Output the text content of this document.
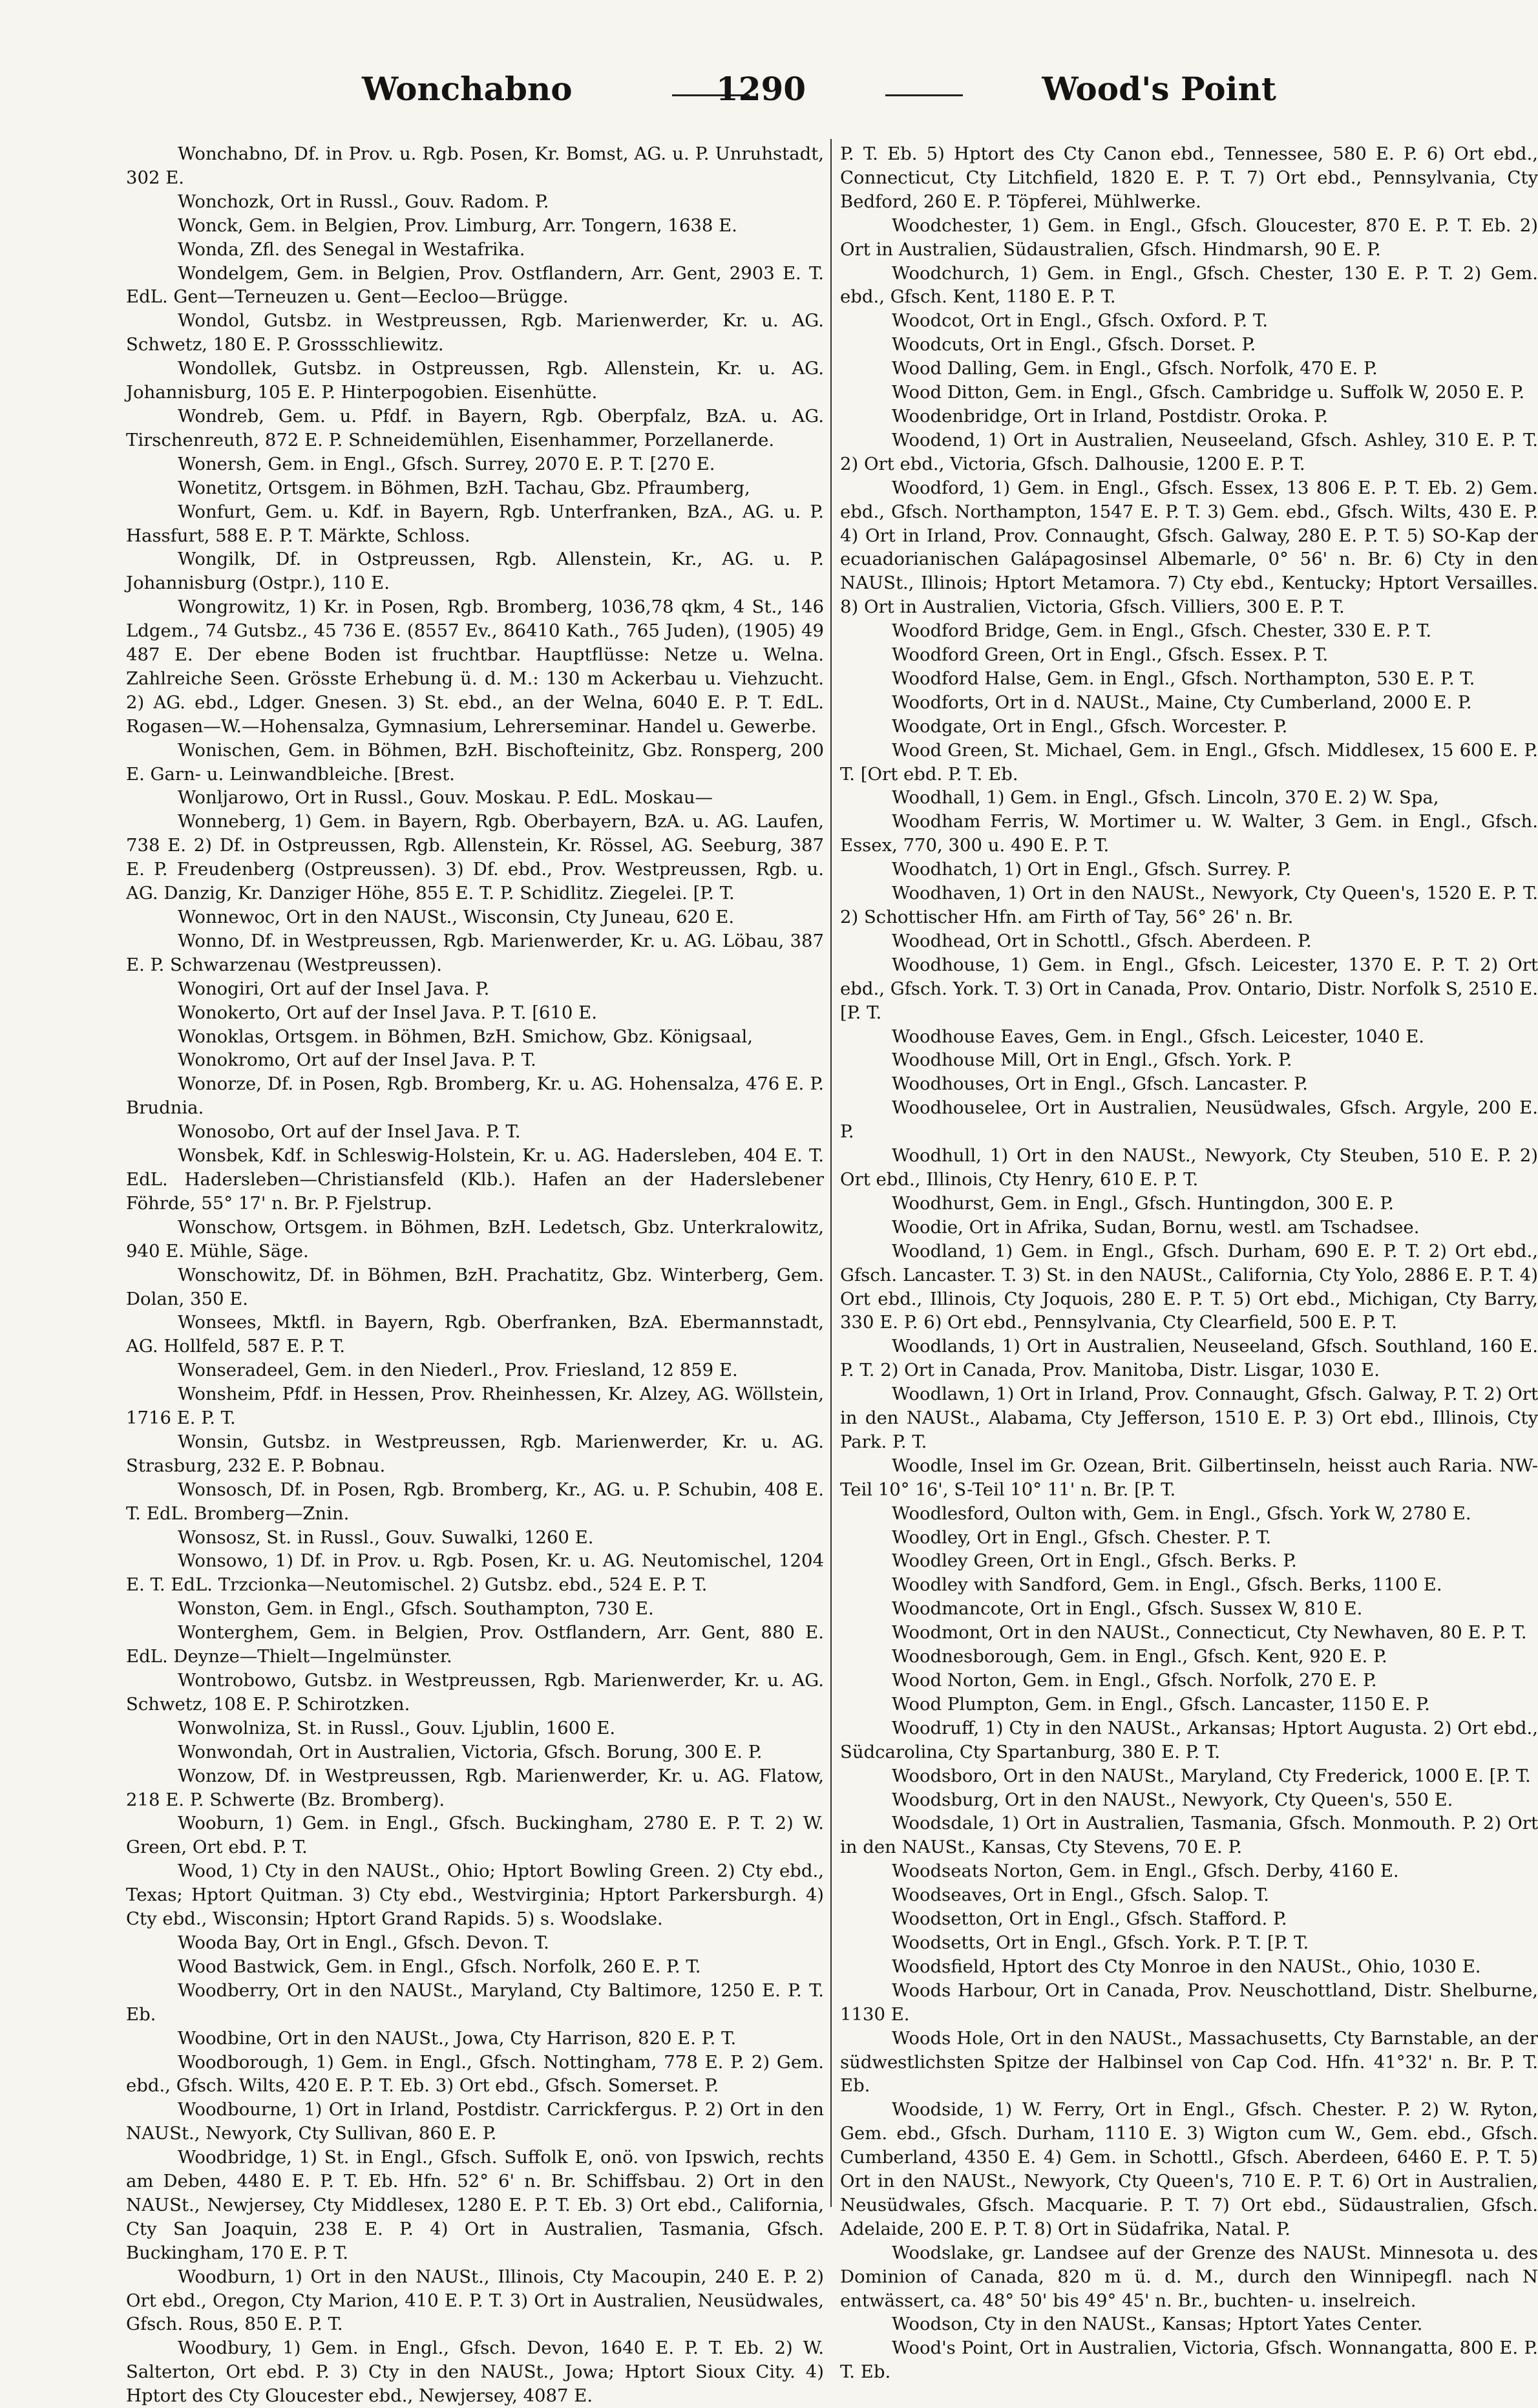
Wonchabno	1290	Wood's Point

Wonchabno, Df. in Prov. u. Rgb. Posen, Kr. Bomst, AG. u. P. Unruhstadt, 302 E.

Wonchozk, Ort in Russl., Gouv. Radom. P.

Wonck, Gem. in Belgien, Prov. Limburg, Arr. Tongern, 1638 E.

Wonda, Zfl. des Senegal in Westafrika.

Wondelgem, Gem. in Belgien, Prov. Ostflandern, Arr. Gent, 2903 E. T. EdL. Gent—Terneuzen u. Gent—Eecloo—Brügge.

Wondol, Gutsbz. in Westpreussen, Rgb. Marienwerder, Kr. u. AG. Schwetz, 180 E. P. Grossschliewitz.

Wondollek, Gutsbz. in Ostpreussen, Rgb. Allenstein, Kr. u. AG. Johannisburg, 105 E. P. Hinterpogobien. Eisenhütte.

Wondreb, Gem. u. Pfdf. in Bayern, Rgb. Oberpfalz, BzA. u. AG. Tirschenreuth, 872 E. P. Schneidemühlen, Eisenhammer, Porzellanerde.

Wonersh, Gem. in Engl., Gfsch. Surrey, 2070 E. P. T. [270 E.

Wonetitz, Ortsgem. in Böhmen, BzH. Tachau, Gbz. Pfraumberg,

Wonfurt, Gem. u. Kdf. in Bayern, Rgb. Unterfranken, BzA., AG. u. P. Hassfurt, 588 E. P. T. Märkte, Schloss.

Wongilk, Df. in Ostpreussen, Rgb. Allenstein, Kr., AG. u. P. Johannisburg (Ostpr.), 110 E.

Wongrowitz, 1) Kr. in Posen, Rgb. Bromberg, 1036,78 qkm, 4 St., 146 Ldgem., 74 Gutsbz., 45 736 E. (8557 Ev., 86410 Kath., 765 Juden), (1905) 49 487 E. Der ebene Boden ist fruchtbar. Hauptflüsse: Netze u. Welna. Zahlreiche Seen. Grösste Erhebung ü. d. M.: 130 m Ackerbau u. Viehzucht. 2) AG. ebd., Ldger. Gnesen. 3) St. ebd., an der Welna, 6040 E. P. T. EdL. Rogasen—W.—Hohensalza, Gymnasium, Lehrerseminar. Handel u. Gewerbe.

Wonischen, Gem. in Böhmen, BzH. Bischofteinitz, Gbz. Ronsperg, 200 E. Garn- u. Leinwandbleiche. [Brest.

Wonljarowo, Ort in Russl., Gouv. Moskau. P. EdL. Moskau—

Wonneberg, 1) Gem. in Bayern, Rgb. Oberbayern, BzA. u. AG. Laufen, 738 E. 2) Df. in Ostpreussen, Rgb. Allenstein, Kr. Rössel, AG. Seeburg, 387 E. P. Freudenberg (Ostpreussen). 3) Df. ebd., Prov. Westpreussen, Rgb. u. AG. Danzig, Kr. Danziger Höhe, 855 E. T. P. Schidlitz. Ziegelei. [P. T.

Wonnewoc, Ort in den NAUSt., Wisconsin, Cty Juneau, 620 E.

Wonno, Df. in Westpreussen, Rgb. Marienwerder, Kr. u. AG. Löbau, 387 E. P. Schwarzenau (Westpreussen).

Wonogiri, Ort auf der Insel Java. P.

Wonokerto, Ort auf der Insel Java. P. T. [610 E.

Wonoklas, Ortsgem. in Böhmen, BzH. Smichow, Gbz. Königsaal,

Wonokromo, Ort auf der Insel Java. P. T.

Wonorze, Df. in Posen, Rgb. Bromberg, Kr. u. AG. Hohensalza, 476 E. P. Brudnia.

Wonosobo, Ort auf der Insel Java. P. T.

Wonsbek, Kdf. in Schleswig-Holstein, Kr. u. AG. Hadersleben, 404 E. T. EdL. Hadersleben—Christiansfeld (Klb.). Hafen an der Haderslebener Föhrde, 55° 17' n. Br. P. Fjelstrup.

Wonschow, Ortsgem. in Böhmen, BzH. Ledetsch, Gbz. Unterkralowitz, 940 E. Mühle, Säge.

Wonschowitz, Df. in Böhmen, BzH. Prachatitz, Gbz. Winterberg, Gem. Dolan, 350 E.

Wonsees, Mktfl. in Bayern, Rgb. Oberfranken, BzA. Ebermannstadt, AG. Hollfeld, 587 E. P. T.

Wonseradeel, Gem. in den Niederl., Prov. Friesland, 12 859 E.

Wonsheim, Pfdf. in Hessen, Prov. Rheinhessen, Kr. Alzey, AG. Wöllstein, 1716 E. P. T.

Wonsin, Gutsbz. in Westpreussen, Rgb. Marienwerder, Kr. u. AG. Strasburg, 232 E. P. Bobnau.

Wonsosch, Df. in Posen, Rgb. Bromberg, Kr., AG. u. P. Schubin, 408 E. T. EdL. Bromberg—Znin.

Wonsosz, St. in Russl., Gouv. Suwalki, 1260 E.

Wonsowo, 1) Df. in Prov. u. Rgb. Posen, Kr. u. AG. Neutomischel, 1204 E. T. EdL. Trzcionka—Neutomischel. 2) Gutsbz. ebd., 524 E. P. T.

Wonston, Gem. in Engl., Gfsch. Southampton, 730 E.

Wonterghem, Gem. in Belgien, Prov. Ostflandern, Arr. Gent, 880 E. EdL. Deynze—Thielt—Ingelmünster.

Wontrobowo, Gutsbz. in Westpreussen, Rgb. Marienwerder, Kr. u. AG. Schwetz, 108 E. P. Schirotzken.

Wonwolnizа, St. in Russl., Gouv. Ljublin, 1600 E.

Wonwondah, Ort in Australien, Victoria, Gfsch. Borung, 300 E. P.

Wonzow, Df. in Westpreussen, Rgb. Marienwerder, Kr. u. AG. Flatow, 218 E. P. Schwerte (Bz. Bromberg).

Wooburn, 1) Gem. in Engl., Gfsch. Buckingham, 2780 E. P. T. 2) W. Green, Ort ebd. P. T.

Wood, 1) Cty in den NAUSt., Ohio; Hptort Bowling Green. 2) Cty ebd., Texas; Hptort Quitman. 3) Cty ebd., Westvirginia; Hptort Parkersburgh. 4) Cty ebd., Wisconsin; Hptort Grand Rapids. 5) s. Woodslake.

Wooda Bay, Ort in Engl., Gfsch. Devon. T.

Wood Bastwick, Gem. in Engl., Gfsch. Norfolk, 260 E. P. T.

Woodberry, Ort in den NAUSt., Maryland, Cty Baltimore, 1250 E. P. T. Eb.

Woodbine, Ort in den NAUSt., Jowa, Cty Harrison, 820 E. P. T.

Woodborough, 1) Gem. in Engl., Gfsch. Nottingham, 778 E. P. 2) Gem. ebd., Gfsch. Wilts, 420 E. P. T. Eb. 3) Ort ebd., Gfsch. Somerset. P.

Woodbourne, 1) Ort in Irland, Postdistr. Carrickfergus. P. 2) Ort in den NAUSt., Newyork, Cty Sullivan, 860 E. P.

Woodbridge, 1) St. in Engl., Gfsch. Suffolk E, onö. von Ipswich, rechts am Deben, 4480 E. P. T. Eb. Hfn. 52° 6' n. Br. Schiffsbau. 2) Ort in den NAUSt., Newjersey, Cty Middlesex, 1280 E. P. T. Eb. 3) Ort ebd., California, Cty San Joaquin, 238 E. P. 4) Ort in Australien, Tasmania, Gfsch. Buckingham, 170 E. P. T.

Woodburn, 1) Ort in den NAUSt., Illinois, Cty Macoupin, 240 E. P. 2) Ort ebd., Oregon, Cty Marion, 410 E. P. T. 3) Ort in Australien, Neusüdwales, Gfsch. Rous, 850 E. P. T.

Woodbury, 1) Gem. in Engl., Gfsch. Devon, 1640 E. P. T. Eb. 2) W. Salterton, Ort ebd. P. 3) Cty in den NAUSt., Jowa; Hptort Sioux City. 4) Hptort des Cty Gloucester ebd., Newjersey, 4087 E.

P. T. Eb. 5) Hptort des Cty Canon ebd., Tennessee, 580 E. P. 6) Ort ebd., Connecticut, Cty Litchfield, 1820 E. P. T. 7) Ort ebd., Pennsylvania, Cty Bedford, 260 E. P. Töpferei, Mühlwerke.

Woodchester, 1) Gem. in Engl., Gfsch. Gloucester, 870 E. P. T. Eb. 2) Ort in Australien, Südaustralien, Gfsch. Hindmarsh, 90 E. P.

Woodchurch, 1) Gem. in Engl., Gfsch. Chester, 130 E. P. T. 2) Gem. ebd., Gfsch. Kent, 1180 E. P. T.

Woodcot, Ort in Engl., Gfsch. Oxford. P. T.

Woodcuts, Ort in Engl., Gfsch. Dorset. P.

Wood Dalling, Gem. in Engl., Gfsch. Norfolk, 470 E. P.

Wood Ditton, Gem. in Engl., Gfsch. Cambridge u. Suffolk W, 2050 E. P.

Woodenbridge, Ort in Irland, Postdistr. Oroka. P.

Woodend, 1) Ort in Australien, Neuseeland, Gfsch. Ashley, 310 E. P. T. 2) Ort ebd., Victoria, Gfsch. Dalhousie, 1200 E. P. T.

Woodford, 1) Gem. in Engl., Gfsch. Essex, 13 806 E. P. T. Eb. 2) Gem. ebd., Gfsch. Northampton, 1547 E. P. T. 3) Gem. ebd., Gfsch. Wilts, 430 E. P. 4) Ort in Irland, Prov. Connaught, Gfsch. Galway, 280 E. P. T. 5) SO-Kap der ecuadorianischen Galápagosinsel Albemarle, 0° 56' n. Br. 6) Cty in den NAUSt., Illinois; Hptort Metamora. 7) Cty ebd., Kentucky; Hptort Versailles. 8) Ort in Australien, Victoria, Gfsch. Villiers, 300 E. P. T.

Woodford Bridge, Gem. in Engl., Gfsch. Chester, 330 E. P. T.

Woodford Green, Ort in Engl., Gfsch. Essex. P. T.

Woodford Halse, Gem. in Engl., Gfsch. Northampton, 530 E. P. T.

Woodforts, Ort in d. NAUSt., Maine, Cty Cumberland, 2000 E. P.

Woodgate, Ort in Engl., Gfsch. Worcester. P.

Wood Green, St. Michael, Gem. in Engl., Gfsch. Middlesex, 15 600 E. P. T. [Ort ebd. P. T. Eb.

Woodhall, 1) Gem. in Engl., Gfsch. Lincoln, 370 E. 2) W. Spa,

Woodham Ferris, W. Mortimer u. W. Walter, 3 Gem. in Engl., Gfsch. Essex, 770, 300 u. 490 E. P. T.

Woodhatch, 1) Ort in Engl., Gfsch. Surrey. P.

Woodhaven, 1) Ort in den NAUSt., Newyork, Cty Queen's, 1520 E. P. T. 2) Schottischer Hfn. am Firth of Tay, 56° 26' n. Br.

Woodhead, Ort in Schottl., Gfsch. Aberdeen. P.

Woodhouse, 1) Gem. in Engl., Gfsch. Leicester, 1370 E. P. T. 2) Ort ebd., Gfsch. York. T. 3) Ort in Canada, Prov. Ontario, Distr. Norfolk S, 2510 E. [P. T.

Woodhouse Eaves, Gem. in Engl., Gfsch. Leicester, 1040 E.

Woodhouse Mill, Ort in Engl., Gfsch. York. P.

Woodhouses, Ort in Engl., Gfsch. Lancaster. P.

Woodhouselee, Ort in Australien, Neusüdwales, Gfsch. Argyle, 200 E. P.

Woodhull, 1) Ort in den NAUSt., Newyork, Cty Steuben, 510 E. P. 2) Ort ebd., Illinois, Cty Henry, 610 E. P. T.

Woodhurst, Gem. in Engl., Gfsch. Huntingdon, 300 E. P.

Woodie, Ort in Afrika, Sudan, Bornu, westl. am Tschadsee.

Woodland, 1) Gem. in Engl., Gfsch. Durham, 690 E. P. T. 2) Ort ebd., Gfsch. Lancaster. T. 3) St. in den NAUSt., California, Cty Yolo, 2886 E. P. T. 4) Ort ebd., Illinois, Cty Joquois, 280 E. P. T. 5) Ort ebd., Michigan, Cty Barry, 330 E. P. 6) Ort ebd., Pennsylvania, Cty Clearfield, 500 E. P. T.

Woodlands, 1) Ort in Australien, Neuseeland, Gfsch. Southland, 160 E. P. T. 2) Ort in Canada, Prov. Manitoba, Distr. Lisgar, 1030 E.

Woodlawn, 1) Ort in Irland, Prov. Connaught, Gfsch. Galway, P. T. 2) Ort in den NAUSt., Alabama, Cty Jefferson, 1510 E. P. 3) Ort ebd., Illinois, Cty Park. P. T.

Woodle, Insel im Gr. Ozean, Brit. Gilbertinseln, heisst auch Raria. NW-Teil 10° 16', S-Teil 10° 11' n. Br. [P. T.

Woodlesford, Oulton with, Gem. in Engl., Gfsch. York W, 2780 E.

Woodley, Ort in Engl., Gfsch. Chester. P. T.

Woodley Green, Ort in Engl., Gfsch. Berks. P.

Woodley with Sandford, Gem. in Engl., Gfsch. Berks, 1100 E.

Woodmancote, Ort in Engl., Gfsch. Sussex W, 810 E.

Woodmont, Ort in den NAUSt., Connecticut, Cty Newhaven, 80 E. P. T.

Woodnesborough, Gem. in Engl., Gfsch. Kent, 920 E. P.

Wood Norton, Gem. in Engl., Gfsch. Norfolk, 270 E. P.

Wood Plumpton, Gem. in Engl., Gfsch. Lancaster, 1150 E. P.

Woodruff, 1) Cty in den NAUSt., Arkansas; Hptort Augusta. 2) Ort ebd., Südcarolina, Cty Spartanburg, 380 E. P. T.

Woodsboro, Ort in den NAUSt., Maryland, Cty Frederick, 1000 E. [P. T.

Woodsburg, Ort in den NAUSt., Newyork, Cty Queen's, 550 E.

Woodsdale, 1) Ort in Australien, Tasmania, Gfsch. Monmouth. P. 2) Ort in den NAUSt., Kansas, Cty Stevens, 70 E. P.

Woodseats Norton, Gem. in Engl., Gfsch. Derby, 4160 E.

Woodseaves, Ort in Engl., Gfsch. Salop. T.

Woodsetton, Ort in Engl., Gfsch. Stafford. P.

Woodsetts, Ort in Engl., Gfsch. York. P. T. [P. T.

Woodsfield, Hptort des Cty Monroe in den NAUSt., Ohio, 1030 E.

Woods Harbour, Ort in Canada, Prov. Neuschottland, Distr. Shelburne, 1130 E.

Woods Hole, Ort in den NAUSt., Massachusetts, Cty Barnstable, an der südwestlichsten Spitze der Halbinsel von Cap Cod. Hfn. 41°32' n. Br. P. T. Eb.

Woodside, 1) W. Ferry, Ort in Engl., Gfsch. Chester. P. 2) W. Ryton, Gem. ebd., Gfsch. Durham, 1110 E. 3) Wigton cum W., Gem. ebd., Gfsch. Cumberland, 4350 E. 4) Gem. in Schottl., Gfsch. Aberdeen, 6460 E. P. T. 5) Ort in den NAUSt., Newyork, Cty Queen's, 710 E. P. T. 6) Ort in Australien, Neusüdwales, Gfsch. Macquarie. P. T. 7) Ort ebd., Südaustralien, Gfsch. Adelaide, 200 E. P. T. 8) Ort in Südafrika, Natal. P.

Woodslake, gr. Landsee auf der Grenze des NAUSt. Minnesota u. des Dominion of Canada, 820 m ü. d. M., durch den Winnipegfl. nach N entwässert, ca. 48° 50' bis 49° 45' n. Br., buchten- u. inselreich.

Woodson, Cty in den NAUSt., Kansas; Hptort Yates Center.

Wood's Point, Ort in Australien, Victoria, Gfsch. Wonnangatta, 800 E. P. T. Eb.
